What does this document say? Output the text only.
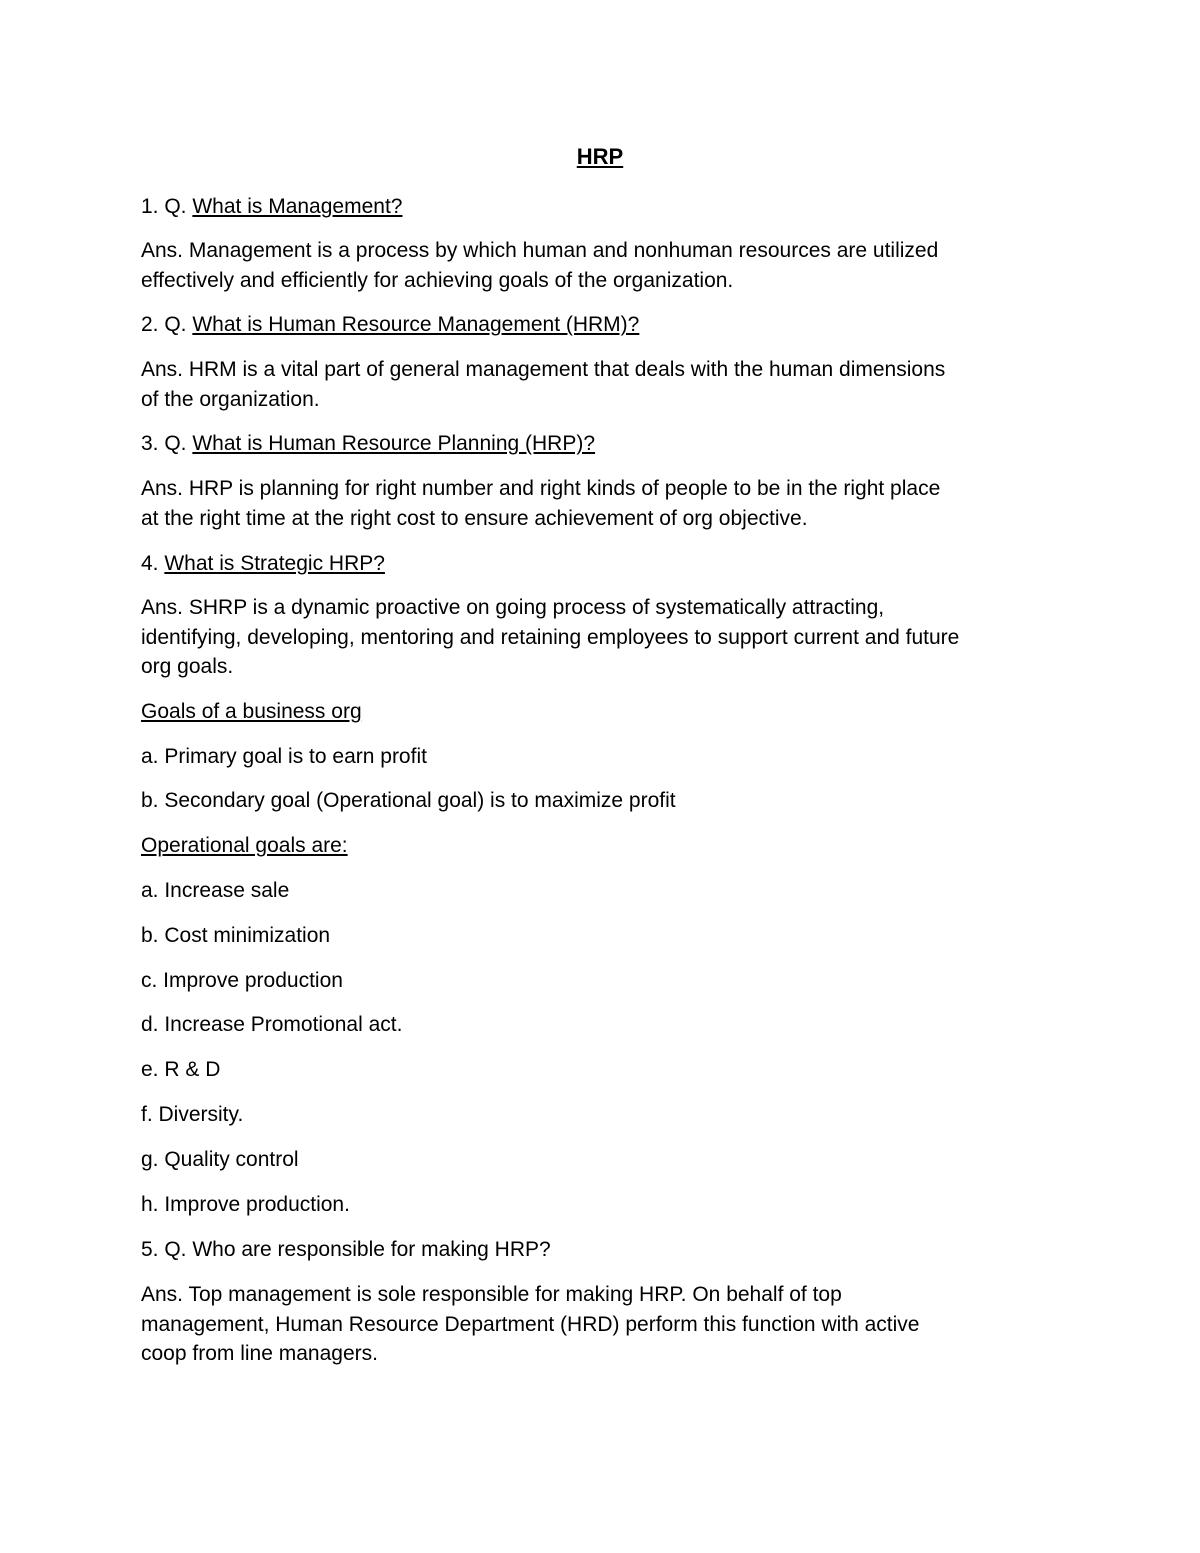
HRP
1. Q. What is Management?
Ans. Management is a process by which human and nonhuman resources are utilized
effectively and efficiently for achieving goals of the organization.
2. Q. What is Human Resource Management (HRM)?
Ans. HRM is a vital part of general management that deals with the human dimensions
of the organization.
3. Q. What is Human Resource Planning (HRP)?
Ans. HRP is planning for right number and right kinds of people to be in the right place
at the right time at the right cost to ensure achievement of org objective.
4. What is Strategic HRP?
Ans. SHRP is a dynamic proactive on going process of systematically attracting,
identifying, developing, mentoring and retaining employees to support current and future
org goals.
Goals of a business org
a. Primary goal is to earn profit
b. Secondary goal (Operational goal) is to maximize profit
Operational goals are:
a. Increase sale
b. Cost minimization
c. Improve production
d. Increase Promotional act.
e. R & D
f. Diversity.
g. Quality control
h. Improve production.
5. Q. Who are responsible for making HRP?
Ans. Top management is sole responsible for making HRP. On behalf of top
management, Human Resource Department (HRD) perform this function with active
coop from line managers.
